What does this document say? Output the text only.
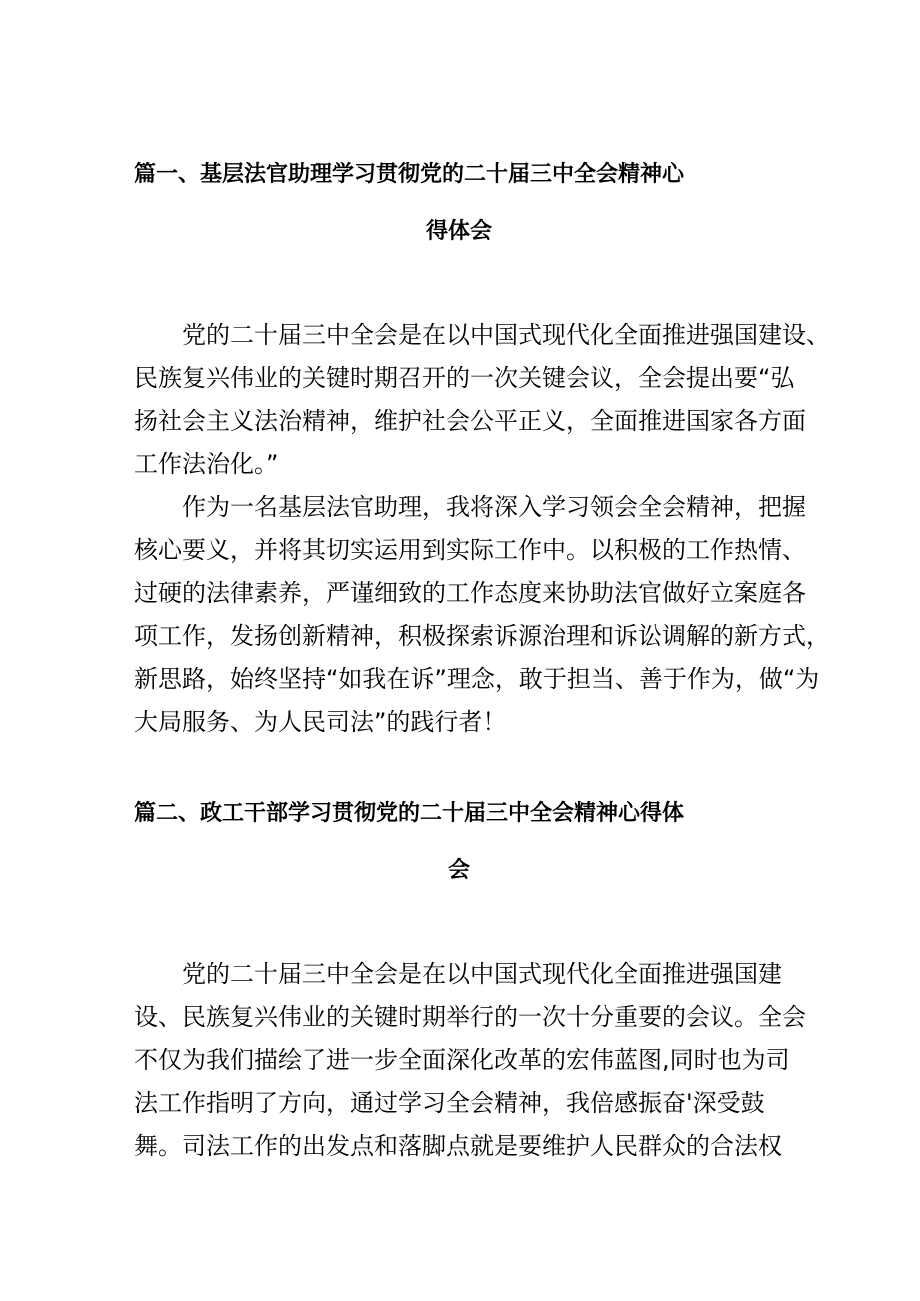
篇一、基层法官助理学习贯彻党的二十届三中全会精神心
得体会
党的二十届三中全会是在以中国式现代化全面推进强国建设、
民族复兴伟业的关键时期召开的一次关键会议，全会提出要“弘
扬社会主义法治精神，维护社会公平正义，全面推进国家各方面
工作法治化。”
作为一名基层法官助理，我将深入学习领会全会精神，把握
核心要义，并将其切实运用到实际工作中。以积极的工作热情、
过硬的法律素养，严谨细致的工作态度来协助法官做好立案庭各
项工作，发扬创新精神，积极探索诉源治理和诉讼调解的新方式，
新思路，始终坚持“如我在诉”理念，敢于担当、善于作为，做“为
大局服务、为人民司法”的践行者！
篇二、政工干部学习贯彻党的二十届三中全会精神心得体
会
党的二十届三中全会是在以中国式现代化全面推进强国建
设、民族复兴伟业的关键时期举行的一次十分重要的会议。全会
不仅为我们描绘了进一步全面深化改革的宏伟蓝图,同时也为司
法工作指明了方向，通过学习全会精神，我倍感振奋'深受鼓
舞。司法工作的出发点和落脚点就是要维护人民群众的合法权
